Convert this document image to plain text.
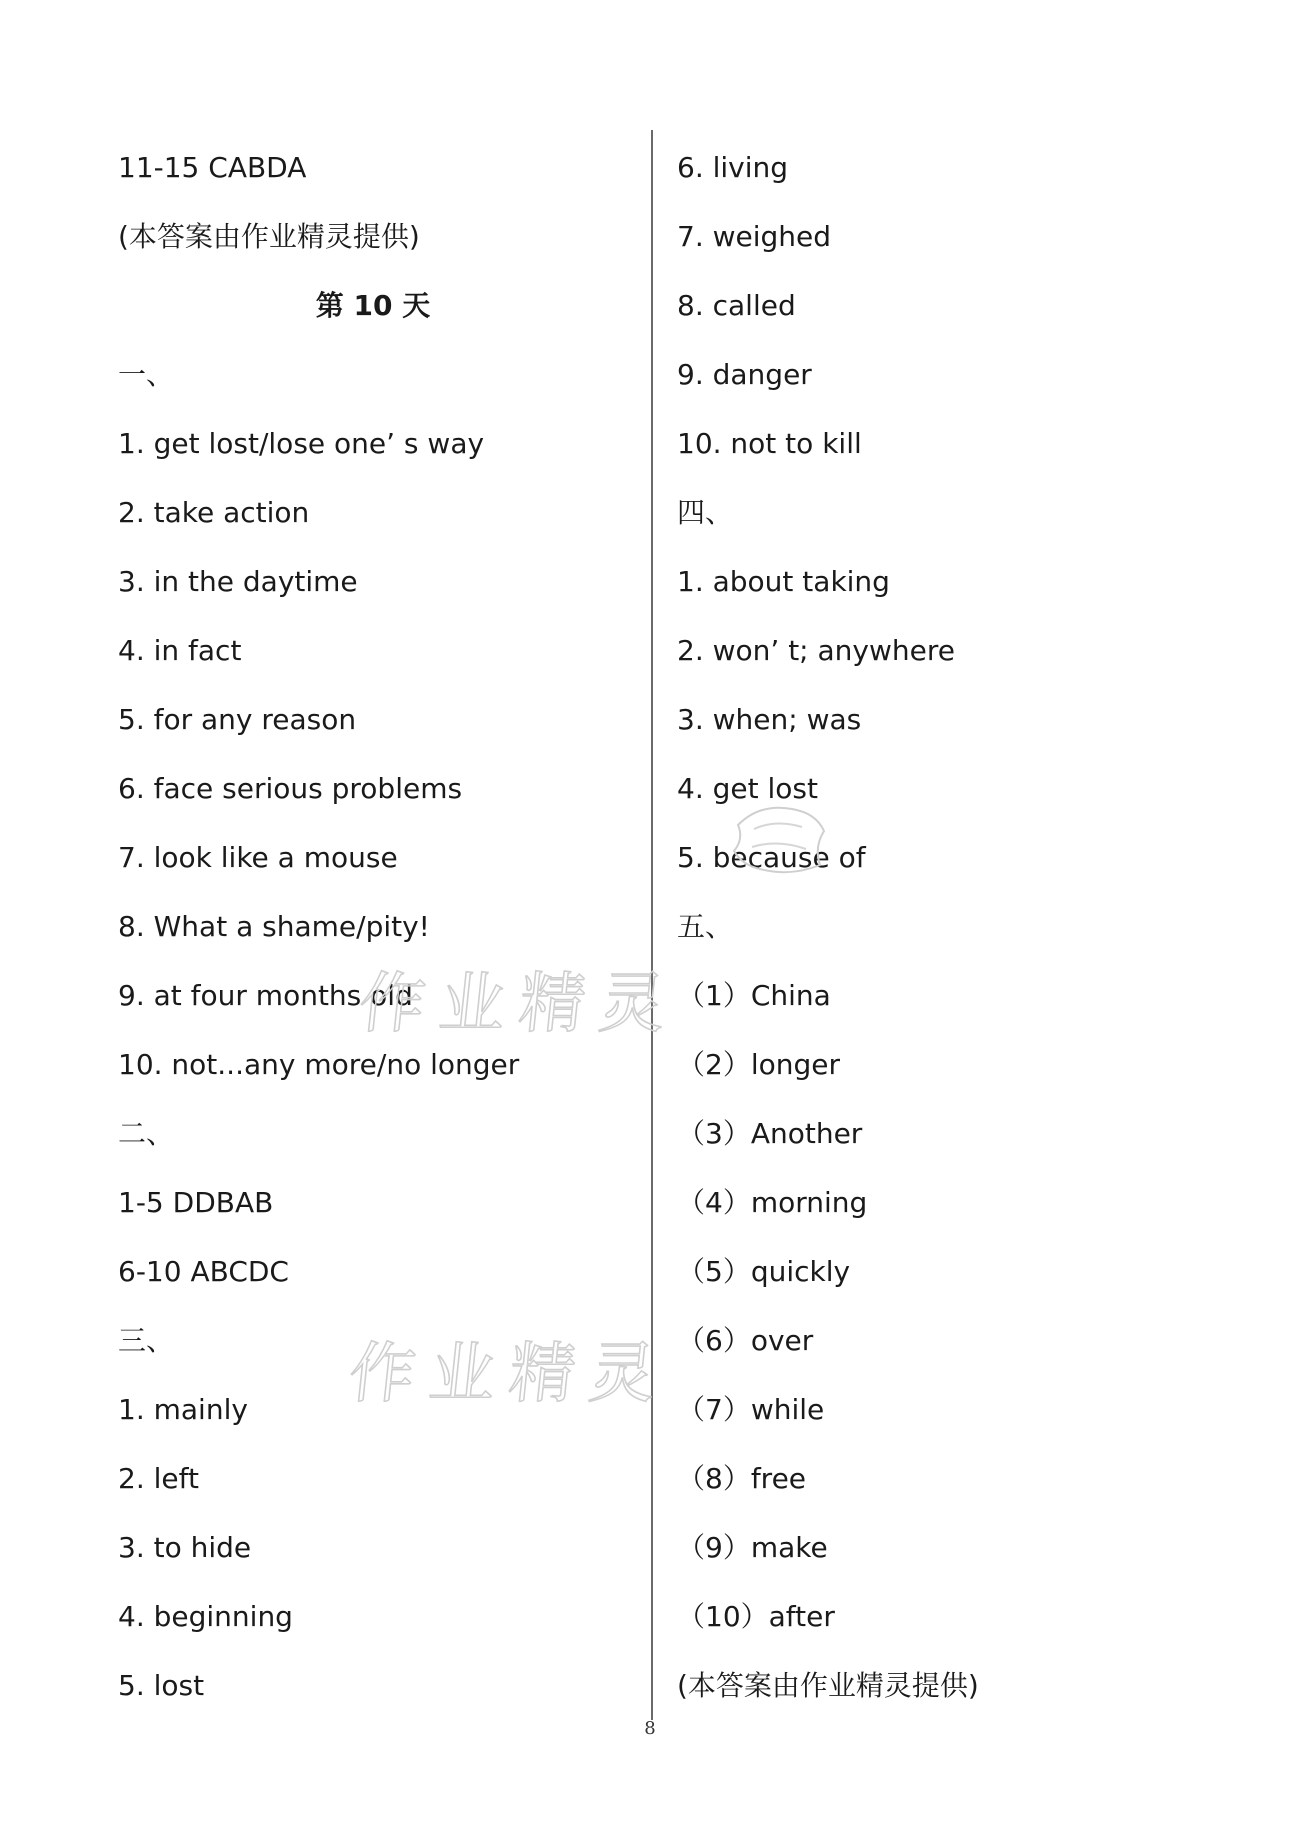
11-15 CABDA
(本答案由作业精灵提供)
第 10 天
一、
1. get lost/lose one’ s way
2. take action
3. in the daytime
4. in fact
5. for any reason
6. face serious problems
7. look like a mouse
8. What a shame/pity!
9. at four months old
10. not...any more/no longer
二、
1-5 DDBAB
6-10 ABCDC
三、
1. mainly
2. left
3. to hide
4. beginning
5. lost
6. living
7. weighed
8. called
9. danger
10. not to kill
四、
1. about taking
2. won’ t; anywhere
3. when; was
4. get lost
5. because of
五、
（1）China
（2）longer
（3）Another
（4）morning
（5）quickly
（6）over
（7）while
（8）free
（9）make
（10）after
(本答案由作业精灵提供)
作业精灵
作业精灵
8
